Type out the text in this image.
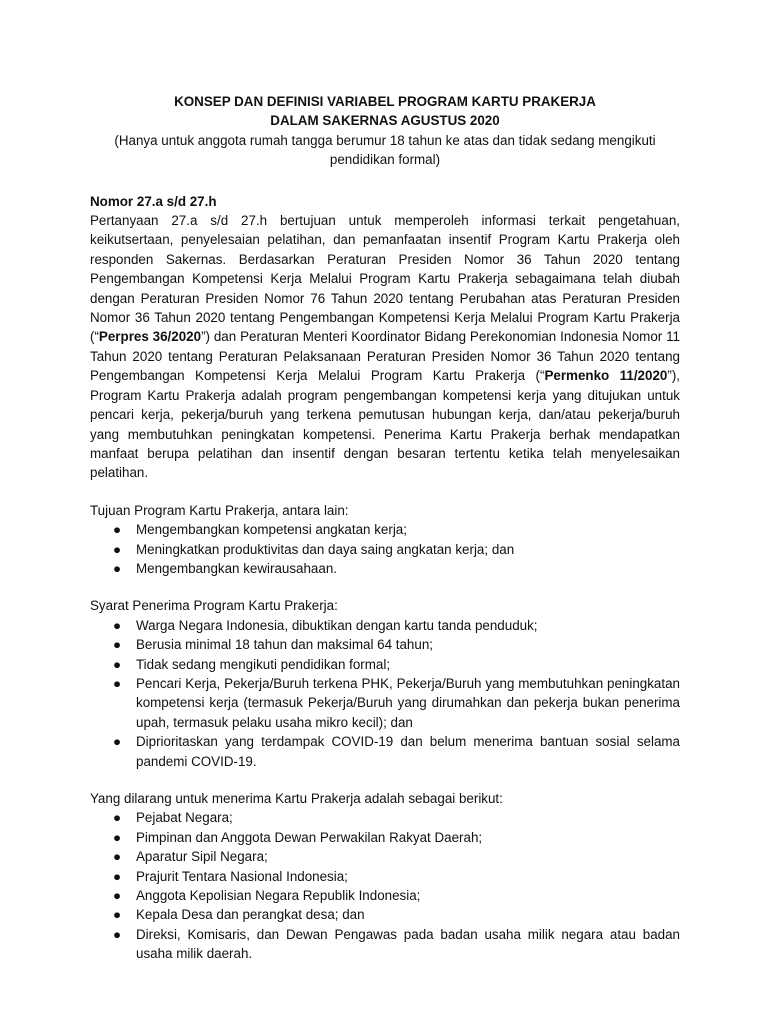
KONSEP DAN DEFINISI VARIABEL PROGRAM KARTU PRAKERJA

DALAM SAKERNAS AGUSTUS 2020

(Hanya untuk anggota rumah tangga berumur 18 tahun ke atas dan tidak sedang mengikuti pendidikan formal)

Nomor 27.a s/d 27.h

Pertanyaan 27.a s/d 27.h bertujuan untuk memperoleh informasi terkait pengetahuan, keikutsertaan, penyelesaian pelatihan, dan pemanfaatan insentif Program Kartu Prakerja oleh responden Sakernas. Berdasarkan Peraturan Presiden Nomor 36 Tahun 2020 tentang Pengembangan Kompetensi Kerja Melalui Program Kartu Prakerja sebagaimana telah diubah dengan Peraturan Presiden Nomor 76 Tahun 2020 tentang Perubahan atas Peraturan Presiden Nomor 36 Tahun 2020 tentang Pengembangan Kompetensi Kerja Melalui Program Kartu Prakerja (“Perpres 36/2020”) dan Peraturan Menteri Koordinator Bidang Perekonomian Indonesia Nomor 11 Tahun 2020 tentang Peraturan Pelaksanaan Peraturan Presiden Nomor 36 Tahun 2020 tentang Pengembangan Kompetensi Kerja Melalui Program Kartu Prakerja (“Permenko 11/2020”), Program Kartu Prakerja adalah program pengembangan kompetensi kerja yang ditujukan untuk pencari kerja, pekerja/buruh yang terkena pemutusan hubungan kerja, dan/atau pekerja/buruh yang membutuhkan peningkatan kompetensi. Penerima Kartu Prakerja berhak mendapatkan manfaat berupa pelatihan dan insentif dengan besaran tertentu ketika telah menyelesaikan pelatihan.

Tujuan Program Kartu Prakerja, antara lain:

● Mengembangkan kompetensi angkatan kerja;
● Meningkatkan produktivitas dan daya saing angkatan kerja; dan
● Mengembangkan kewirausahaan.

Syarat Penerima Program Kartu Prakerja:

● Warga Negara Indonesia, dibuktikan dengan kartu tanda penduduk;
● Berusia minimal 18 tahun dan maksimal 64 tahun;
● Tidak sedang mengikuti pendidikan formal;
● Pencari Kerja, Pekerja/Buruh terkena PHK, Pekerja/Buruh yang membutuhkan peningkatan kompetensi kerja (termasuk Pekerja/Buruh yang dirumahkan dan pekerja bukan penerima upah, termasuk pelaku usaha mikro kecil); dan
● Diprioritaskan yang terdampak COVID-19 dan belum menerima bantuan sosial selama pandemi COVID-19.

Yang dilarang untuk menerima Kartu Prakerja adalah sebagai berikut:

● Pejabat Negara;
● Pimpinan dan Anggota Dewan Perwakilan Rakyat Daerah;
● Aparatur Sipil Negara;
● Prajurit Tentara Nasional Indonesia;
● Anggota Kepolisian Negara Republik Indonesia;
● Kepala Desa dan perangkat desa; dan
● Direksi, Komisaris, dan Dewan Pengawas pada badan usaha milik negara atau badan usaha milik daerah.
